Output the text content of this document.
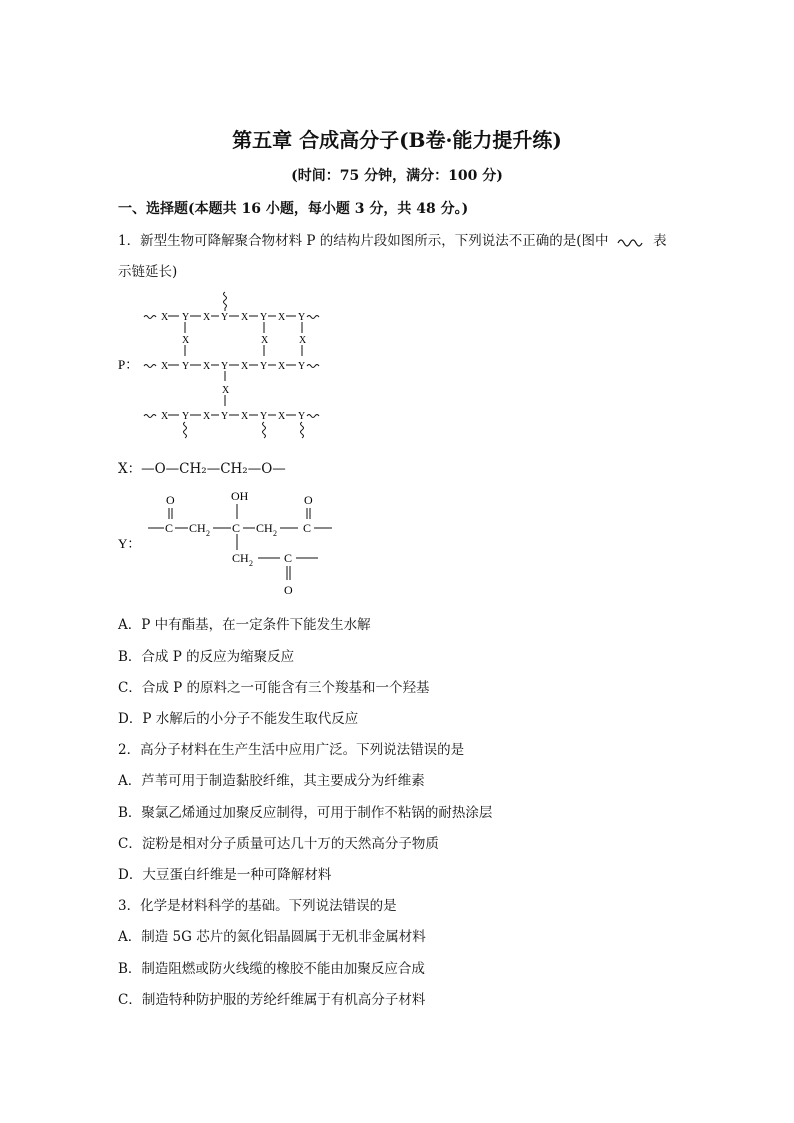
第五章 合成高分子(B卷·能力提升练)
(时间：75 分钟，满分：100 分)
一、选择题(本题共 16 小题，每小题 3 分，共 48 分。)
1．新型生物可降解聚合物材料 P 的结构片段如图所示，下列说法不正确的是(图中	表
示链延长)
X Y X Y X Y X Y
X	X	X
P： X Y X Y X Y X Y
X
X Y X Y X Y X Y
X：—O—CH₂—CH₂—O—
Y：
O
C CH 2
OH
C CH 2
O
C
CH 2	C
O
A．P 中有酯基，在一定条件下能发生水解
B．合成 P 的反应为缩聚反应
C．合成 P 的原料之一可能含有三个羧基和一个羟基
D．P 水解后的小分子不能发生取代反应
2．高分子材料在生产生活中应用广泛。下列说法错误的是
A．芦苇可用于制造黏胶纤维，其主要成分为纤维素
B．聚氯乙烯通过加聚反应制得，可用于制作不粘锅的耐热涂层
C．淀粉是相对分子质量可达几十万的天然高分子物质
D．大豆蛋白纤维是一种可降解材料
3．化学是材料科学的基础。下列说法错误的是
A．制造 5G 芯片的氮化铝晶圆属于无机非金属材料
B．制造阻燃或防火线缆的橡胶不能由加聚反应合成
C．制造特种防护服的芳纶纤维属于有机高分子材料
